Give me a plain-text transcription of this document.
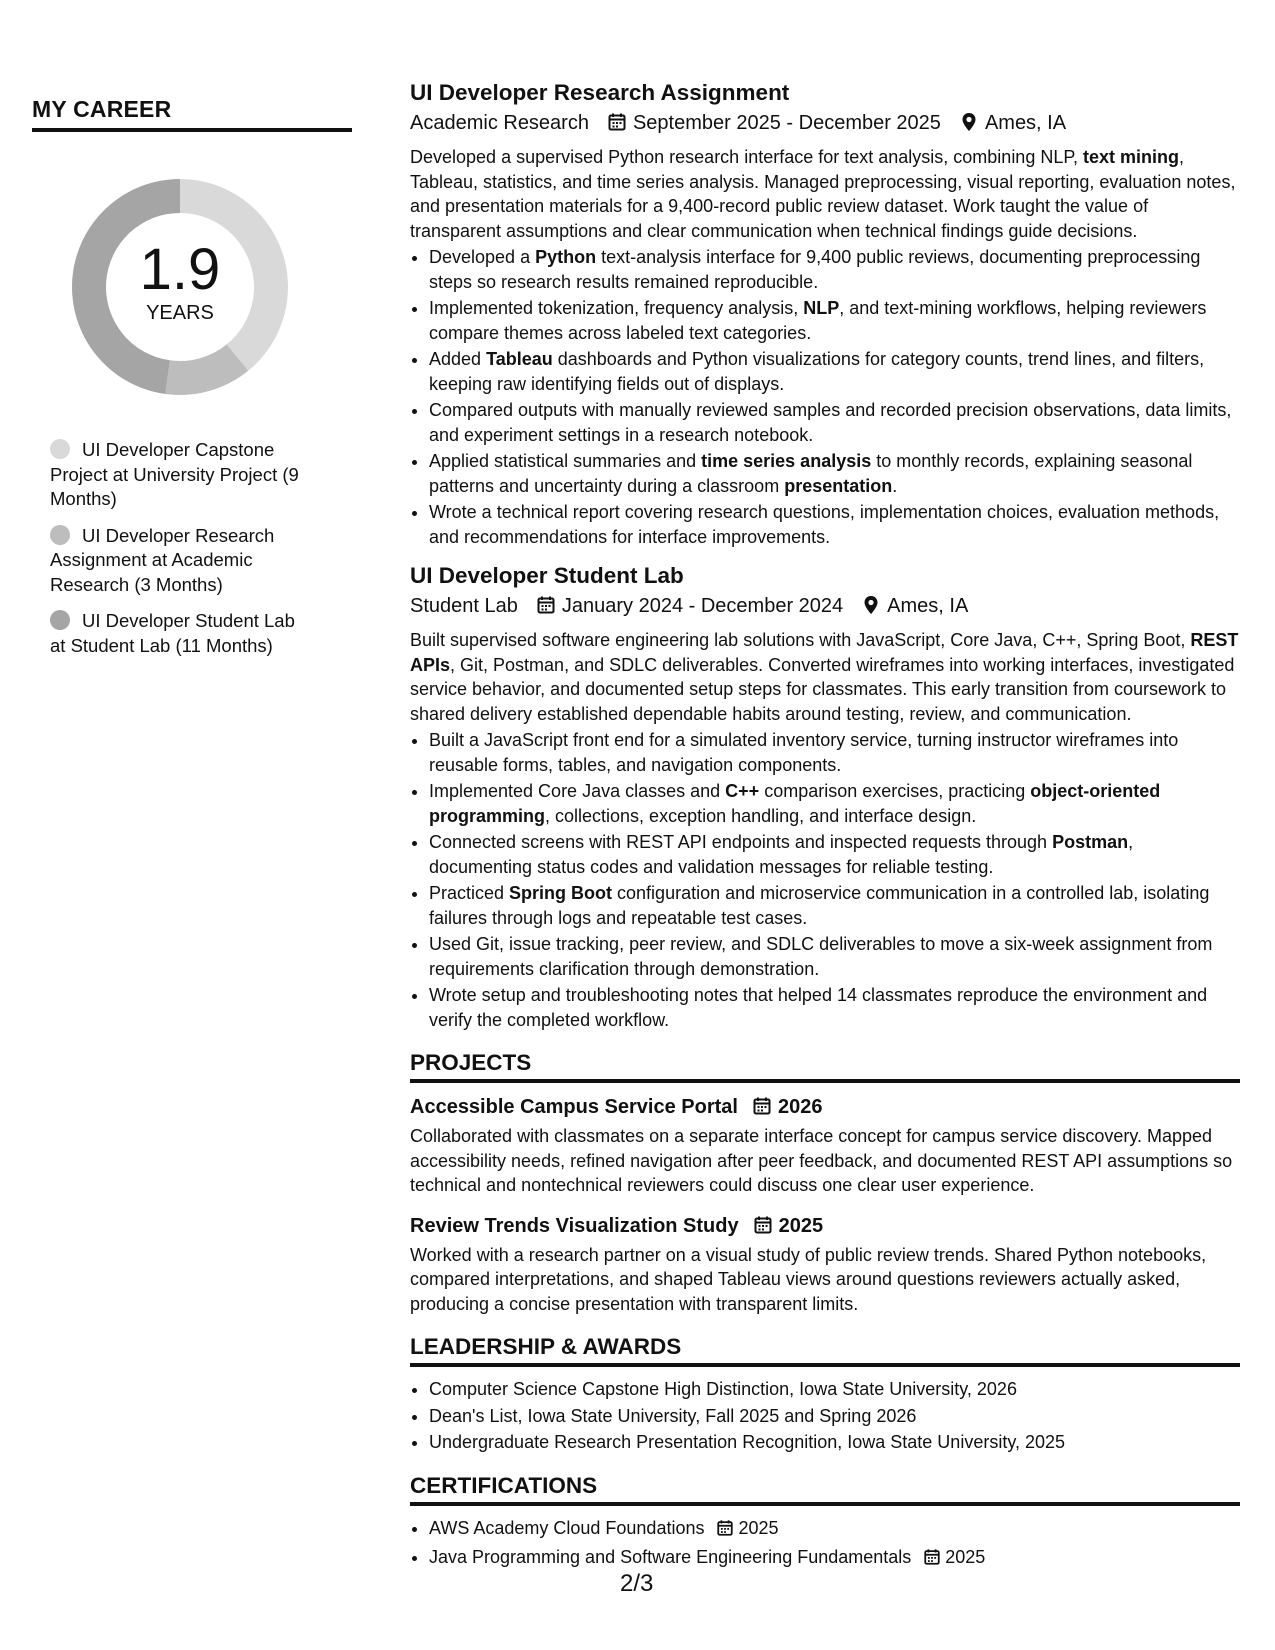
MY CAREER
1.9
YEARS
UI Developer Capstone Project at University Project (9 Months)
UI Developer Research Assignment at Academic Research (3 Months)
UI Developer Student Lab at Student Lab (11 Months)
UI Developer Research Assignment
Academic Research September 2025 - December 2025 Ames, IA

Developed a supervised Python research interface for text analysis, combining NLP, text mining, Tableau, statistics, and time series analysis. Managed preprocessing, visual reporting, evaluation notes, and presentation materials for a 9,400-record public review dataset. Work taught the value of transparent assumptions and clear communication when technical findings guide decisions.

• Developed a Python text-analysis interface for 9,400 public reviews, documenting preprocessing steps so research results remained reproducible.
• Implemented tokenization, frequency analysis, NLP, and text-mining workflows, helping reviewers compare themes across labeled text categories.
• Added Tableau dashboards and Python visualizations for category counts, trend lines, and filters, keeping raw identifying fields out of displays.
• Compared outputs with manually reviewed samples and recorded precision observations, data limits, and experiment settings in a research notebook.
• Applied statistical summaries and time series analysis to monthly records, explaining seasonal patterns and uncertainty during a classroom presentation.
• Wrote a technical report covering research questions, implementation choices, evaluation methods, and recommendations for interface improvements.
UI Developer Student Lab
Student Lab January 2024 - December 2024 Ames, IA

Built supervised software engineering lab solutions with JavaScript, Core Java, C++, Spring Boot, REST APIs, Git, Postman, and SDLC deliverables. Converted wireframes into working interfaces, investigated service behavior, and documented setup steps for classmates. This early transition from coursework to shared delivery established dependable habits around testing, review, and communication.

• Built a JavaScript front end for a simulated inventory service, turning instructor wireframes into reusable forms, tables, and navigation components.
• Implemented Core Java classes and C++ comparison exercises, practicing object-oriented programming, collections, exception handling, and interface design.
• Connected screens with REST API endpoints and inspected requests through Postman, documenting status codes and validation messages for reliable testing.
• Practiced Spring Boot configuration and microservice communication in a controlled lab, isolating failures through logs and repeatable test cases.
• Used Git, issue tracking, peer review, and SDLC deliverables to move a six-week assignment from requirements clarification through demonstration.
• Wrote setup and troubleshooting notes that helped 14 classmates reproduce the environment and verify the completed workflow.
PROJECTS
Accessible Campus Service Portal 2026

Collaborated with classmates on a separate interface concept for campus service discovery. Mapped accessibility needs, refined navigation after peer feedback, and documented REST API assumptions so technical and nontechnical reviewers could discuss one clear user experience.

Review Trends Visualization Study 2025

Worked with a research partner on a visual study of public review trends. Shared Python notebooks, compared interpretations, and shaped Tableau views around questions reviewers actually asked, producing a concise presentation with transparent limits.

LEADERSHIP & AWARDS
• Computer Science Capstone High Distinction, Iowa State University, 2026
• Dean's List, Iowa State University, Fall 2025 and Spring 2026
• Undergraduate Research Presentation Recognition, Iowa State University, 2025
CERTIFICATIONS
• AWS Academy Cloud Foundations 2025
• Java Programming and Software Engineering Fundamentals 2025
2/3
